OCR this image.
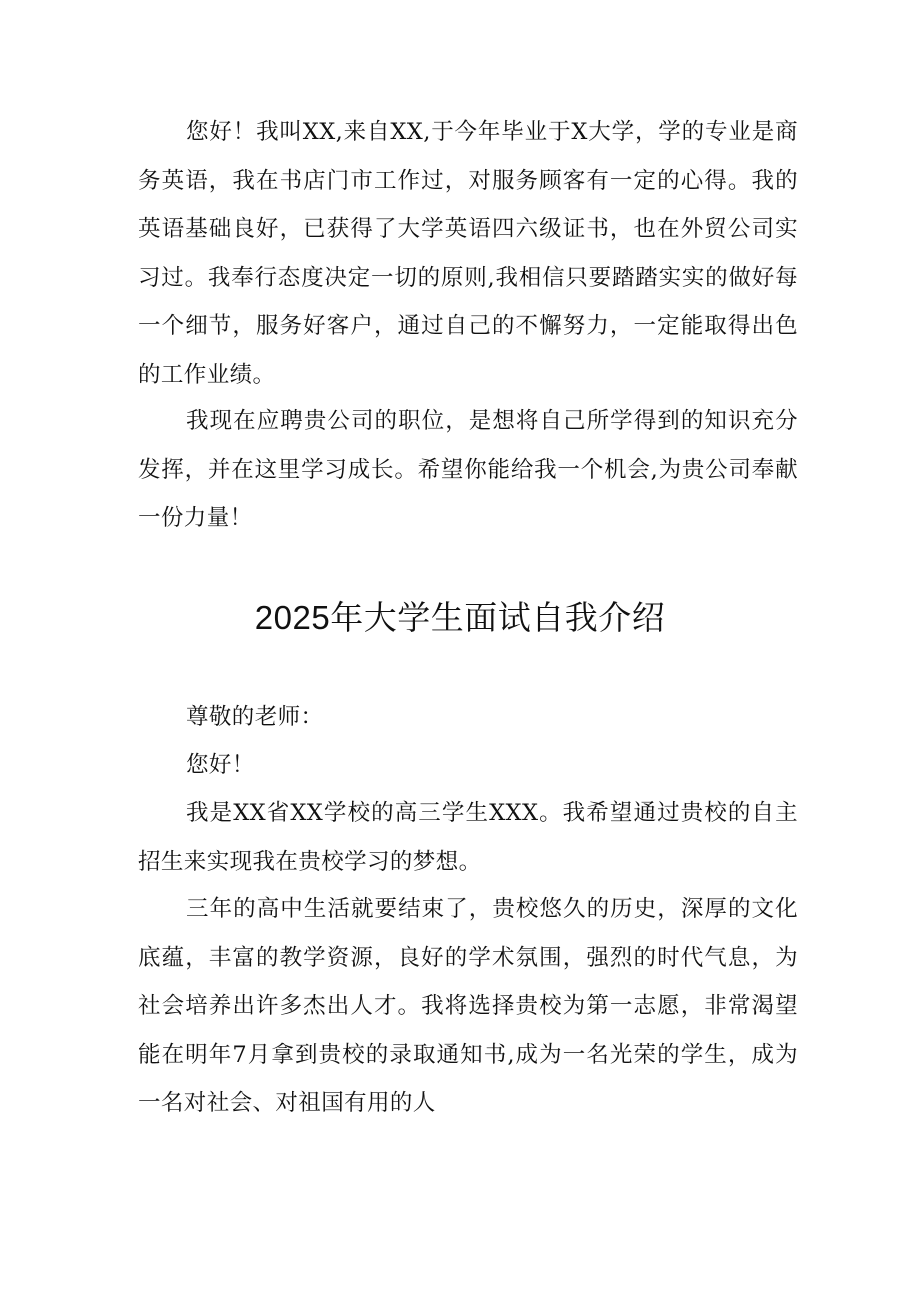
您好！我叫XX,来自XX,于今年毕业于X大学，学的专业是商务英语，我在书店门市工作过，对服务顾客有一定的心得。我的英语基础良好，已获得了大学英语四六级证书，也在外贸公司实习过。我奉行态度决定一切的原则,我相信只要踏踏实实的做好每一个细节，服务好客户，通过自己的不懈努力，一定能取得出色的工作业绩。

我现在应聘贵公司的职位，是想将自己所学得到的知识充分发挥，并在这里学习成长。希望你能给我一个机会,为贵公司奉献一份力量！

2025年大学生面试自我介绍

尊敬的老师：

您好！

我是XX省XX学校的高三学生XXX。我希望通过贵校的自主招生来实现我在贵校学习的梦想。

三年的高中生活就要结束了，贵校悠久的历史，深厚的文化底蕴，丰富的教学资源，良好的学术氛围，强烈的时代气息，为社会培养出许多杰出人才。我将选择贵校为第一志愿，非常渴望能在明年7月拿到贵校的录取通知书,成为一名光荣的学生，成为一名对社会、对祖国有用的人
